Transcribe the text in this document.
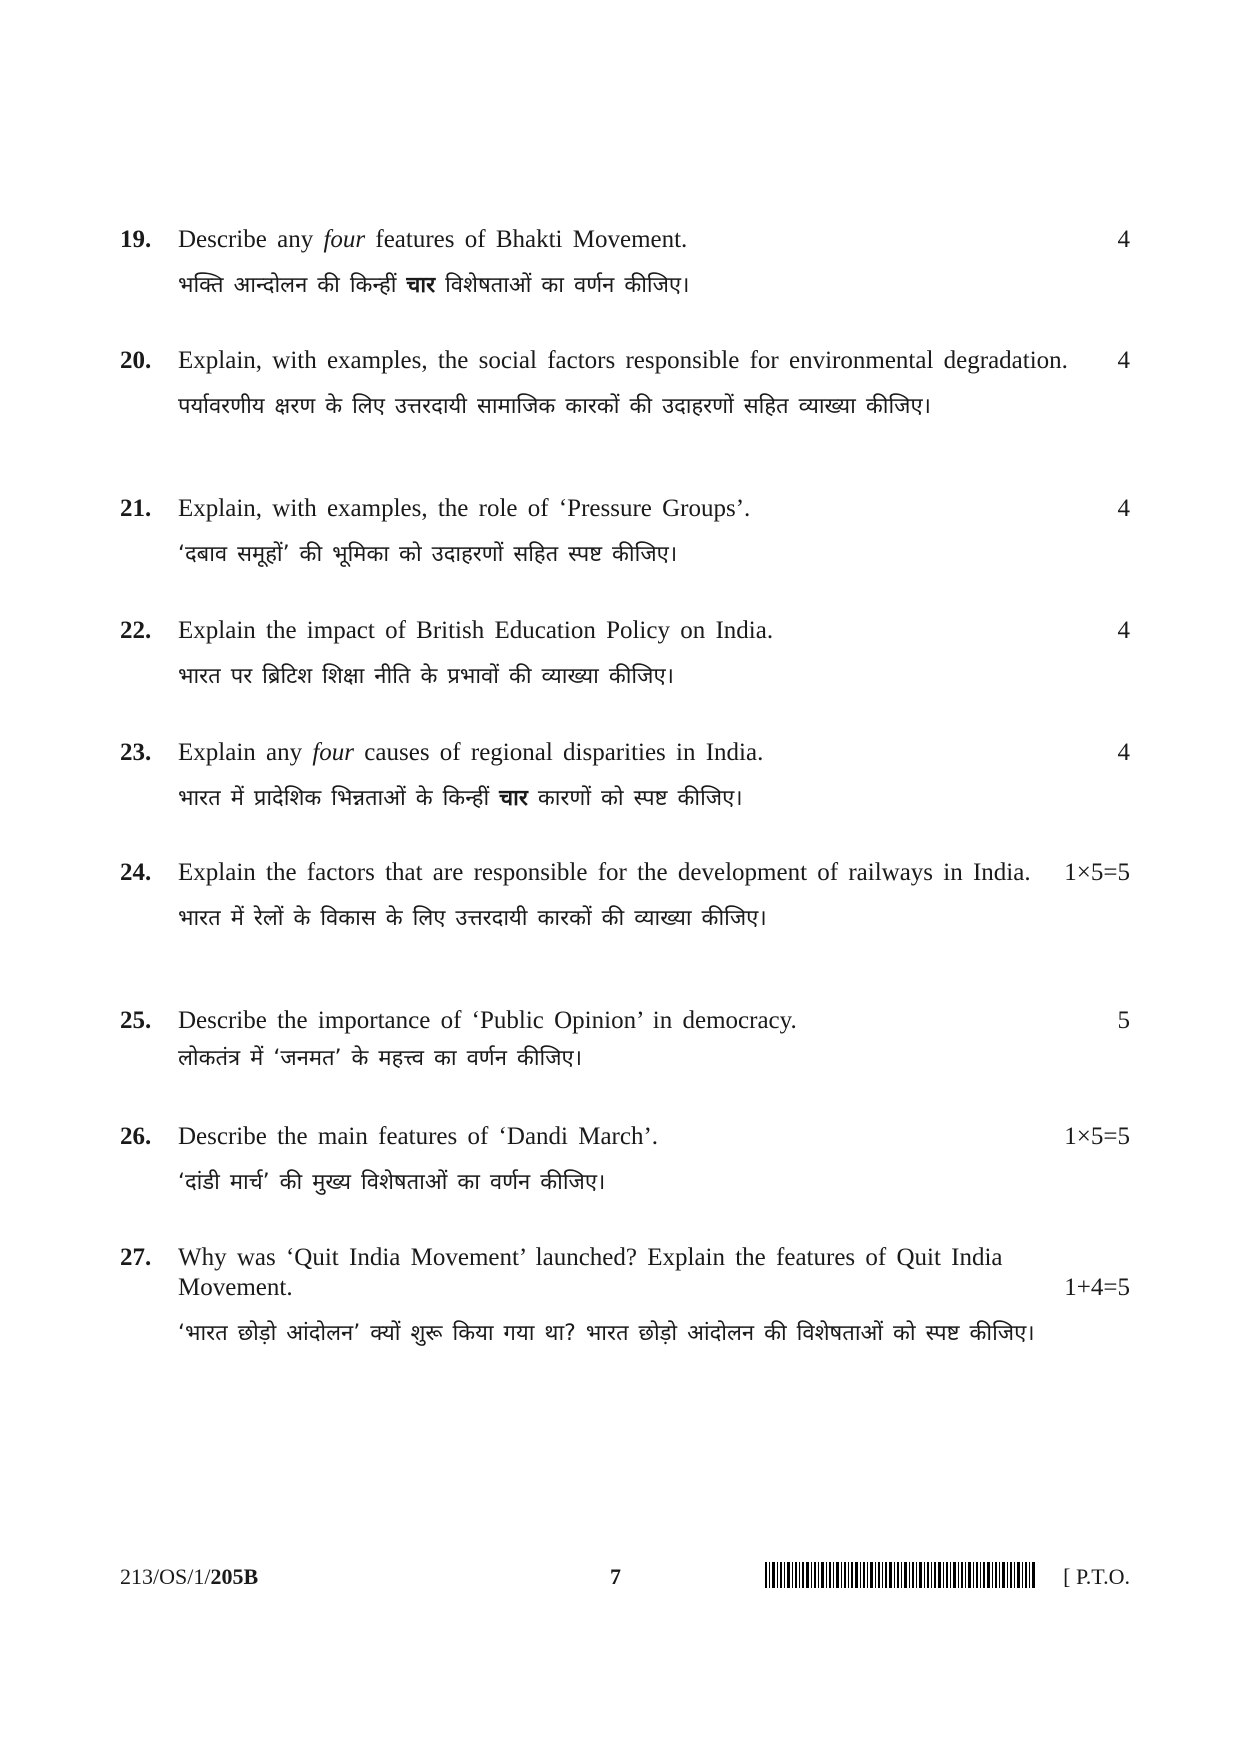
19. Describe any four features of Bhakti Movement.	4
भक्ति आन्दोलन की किन्हीं चार विशेषताओं का वर्णन कीजिए।
20. Explain, with examples, the social factors responsible for environmental degradation. 4
पर्यावरणीय क्षरण के लिए उत्तरदायी सामाजिक कारकों की उदाहरणों सहित व्याख्या कीजिए।
21. Explain, with examples, the role of ‘Pressure Groups’.	4
‘दबाव समूहों’ की भूमिका को उदाहरणों सहित स्पष्ट कीजिए।
22. Explain the impact of British Education Policy on India.	4
भारत पर ब्रिटिश शिक्षा नीति के प्रभावों की व्याख्या कीजिए।
23. Explain any four causes of regional disparities in India.	4
भारत में प्रादेशिक भिन्नताओं के किन्हीं चार कारणों को स्पष्ट कीजिए।
24. Explain the factors that are responsible for the development of railways in India. 1×5=5
भारत में रेलों के विकास के लिए उत्तरदायी कारकों की व्याख्या कीजिए।
25. Describe the importance of ‘Public Opinion’ in democracy.	5
लोकतंत्र में ‘जनमत’ के महत्त्व का वर्णन कीजिए।
26. Describe the main features of ‘Dandi March’.	1×5=5
‘दांडी मार्च’ की मुख्य विशेषताओं का वर्णन कीजिए।
27. Why was ‘Quit India Movement’ launched? Explain the features of Quit India Movement.	1+4=5
‘भारत छोड़ो आंदोलन’ क्यों शुरू किया गया था? भारत छोड़ो आंदोलन की विशेषताओं को स्पष्ट कीजिए।
213/OS/1/205B	7	[ P.T.O.
